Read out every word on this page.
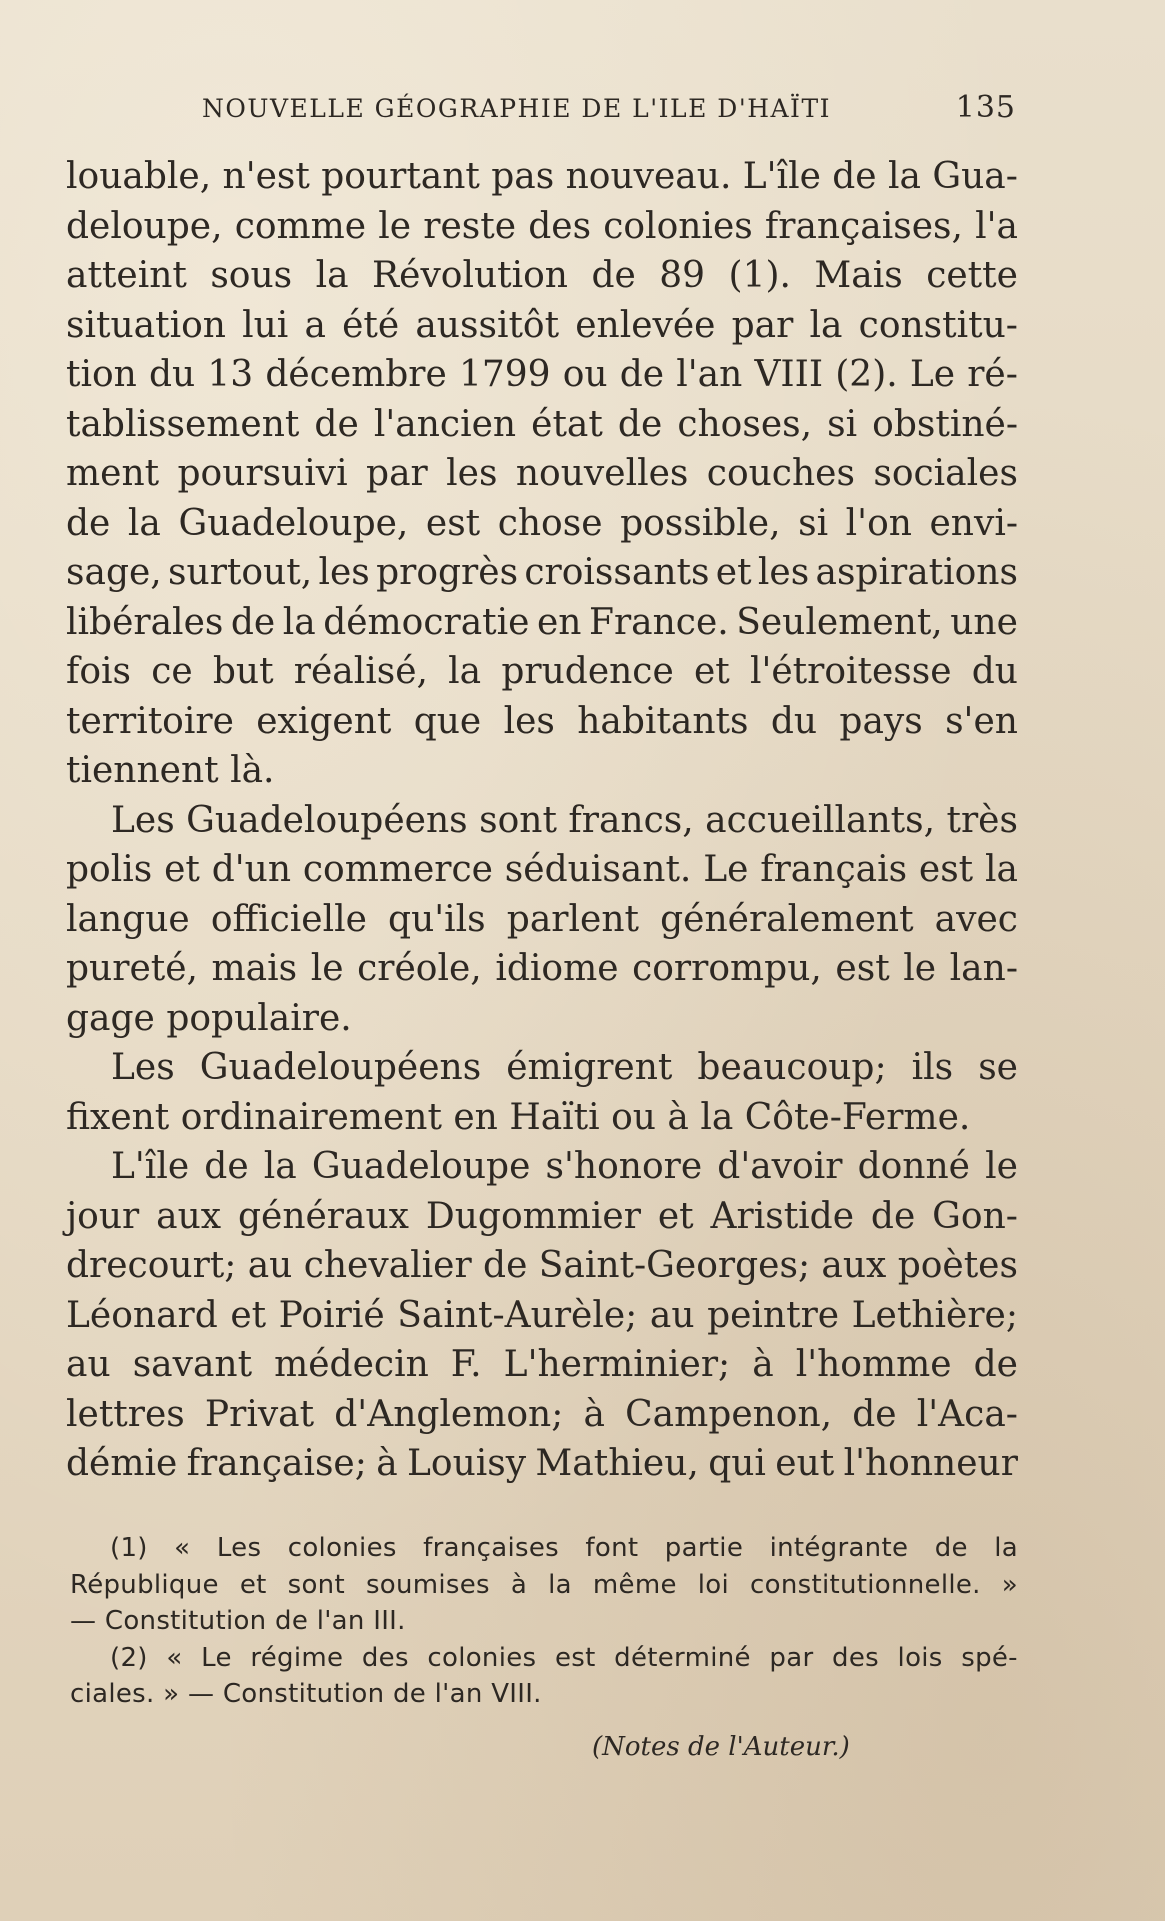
NOUVELLE GÉOGRAPHIE DE L'ILE D'HAÏTI	135
louable, n'est pourtant pas nouveau. L'île de la Gua-
deloupe, comme le reste des colonies françaises, l'a
atteint sous la Révolution de 89 (1). Mais cette
situation lui a été aussitôt enlevée par la constitu-
tion du 13 décembre 1799 ou de l'an VIII (2). Le ré-
tablissement de l'ancien état de choses, si obstiné-
ment poursuivi par les nouvelles couches sociales
de la Guadeloupe, est chose possible, si l'on envi-
sage, surtout, les progrès croissants et les aspirations
libérales de la démocratie en France. Seulement, une
fois ce but réalisé, la prudence et l'étroitesse du
territoire exigent que les habitants du pays s'en
tiennent là.
Les Guadeloupéens sont francs, accueillants, très
polis et d'un commerce séduisant. Le français est la
langue officielle qu'ils parlent généralement avec
pureté, mais le créole, idiome corrompu, est le lan-
gage populaire.
Les Guadeloupéens émigrent beaucoup; ils se
fixent ordinairement en Haïti ou à la Côte-Ferme.
L'île de la Guadeloupe s'honore d'avoir donné le
jour aux généraux Dugommier et Aristide de Gon-
drecourt; au chevalier de Saint-Georges; aux poètes
Léonard et Poirié Saint-Aurèle; au peintre Lethière;
au savant médecin F. L'herminier; à l'homme de
lettres Privat d'Anglemon; à Campenon, de l'Aca-
démie française; à Louisy Mathieu, qui eut l'honneur
(1) « Les colonies françaises font partie intégrante de la
République et sont soumises à la même loi constitutionnelle. »
— Constitution de l'an III.
(2) « Le régime des colonies est déterminé par des lois spé-
ciales. » — Constitution de l'an VIII.
(Notes de l'Auteur.)
